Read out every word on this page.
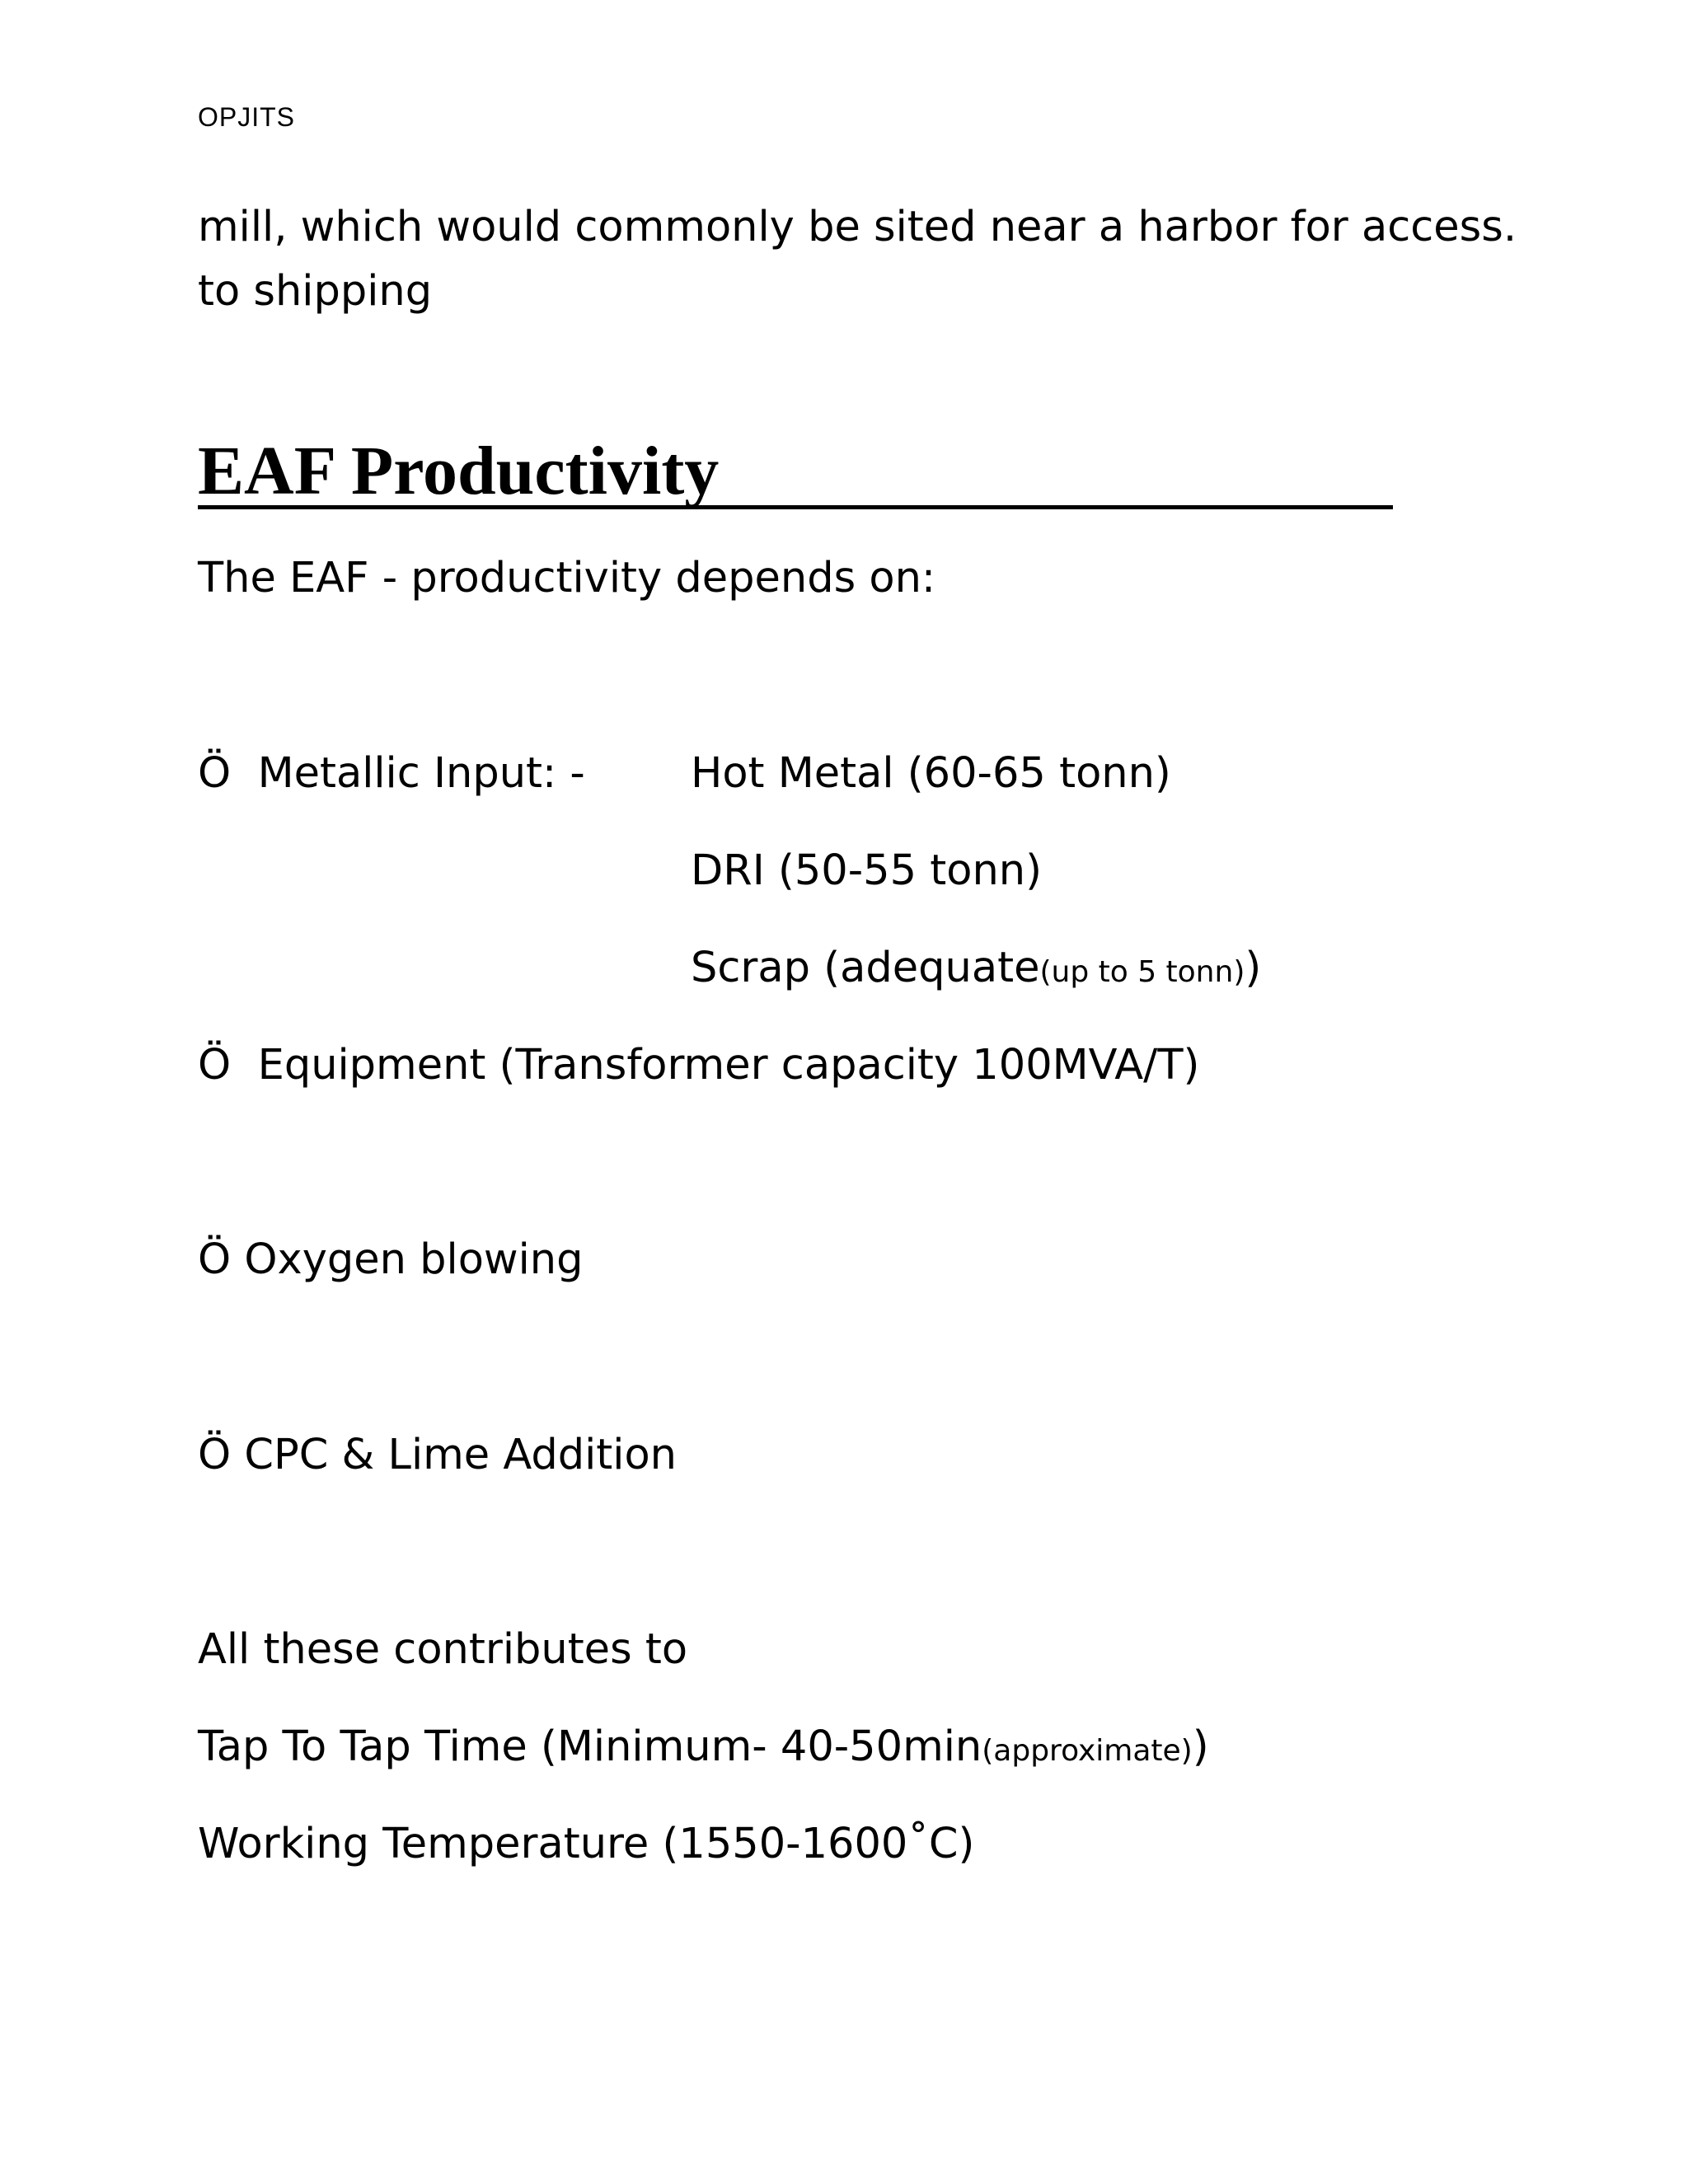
OPJITS
mill, which would commonly be sited near a harbor for access.
to shipping
EAF Productivity
The EAF - productivity depends on:
Ö Metallic Input: -	Hot Metal (60-65 tonn)
DRI (50-55 tonn)
Scrap (adequate(up to 5 tonn))
Ö Equipment (Transformer capacity 100MVA/T)
Ö Oxygen blowing
Ö CPC & Lime Addition
All these contributes to
Tap To Tap Time (Minimum- 40-50min(approximate))
Working Temperature (1550-1600˚C)
